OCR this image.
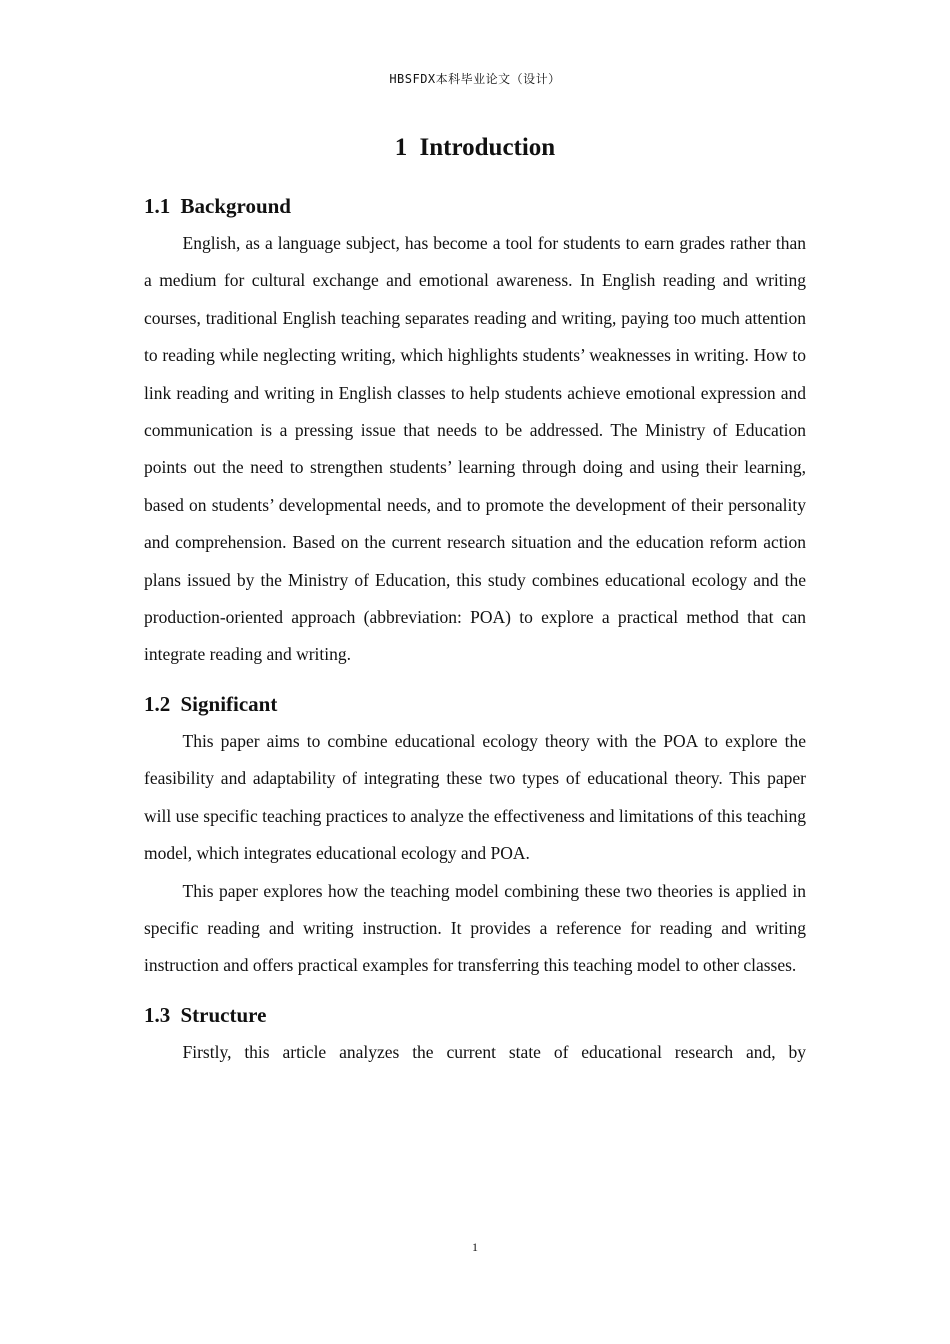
HBSFDX本科毕业论文（设计）
1 Introduction
1.1 Background

English, as a language subject, has become a tool for students to earn grades rather than a medium for cultural exchange and emotional awareness. In English reading and writing courses, traditional English teaching separates reading and writing, paying too much attention to reading while neglecting writing, which highlights students’ weaknesses in writing. How to link reading and writing in English classes to help students achieve emotional expression and communication is a pressing issue that needs to be addressed. The Ministry of Education points out the need to strengthen students’ learning through doing and using their learning, based on students’ developmental needs, and to promote the development of their personality and comprehension. Based on the current research situation and the education reform action plans issued by the Ministry of Education, this study combines educational ecology and the production-oriented approach (abbreviation: POA) to explore a practical method that can integrate reading and writing.

1.2 Significant

This paper aims to combine educational ecology theory with the POA to explore the feasibility and adaptability of integrating these two types of educational theory. This paper will use specific teaching practices to analyze the effectiveness and limitations of this teaching model, which integrates educational ecology and POA.

This paper explores how the teaching model combining these two theories is applied in specific reading and writing instruction. It provides a reference for reading and writing instruction and offers practical examples for transferring this teaching model to other classes.

1.3 Structure

Firstly, this article analyzes the current state of educational research and, by

1
